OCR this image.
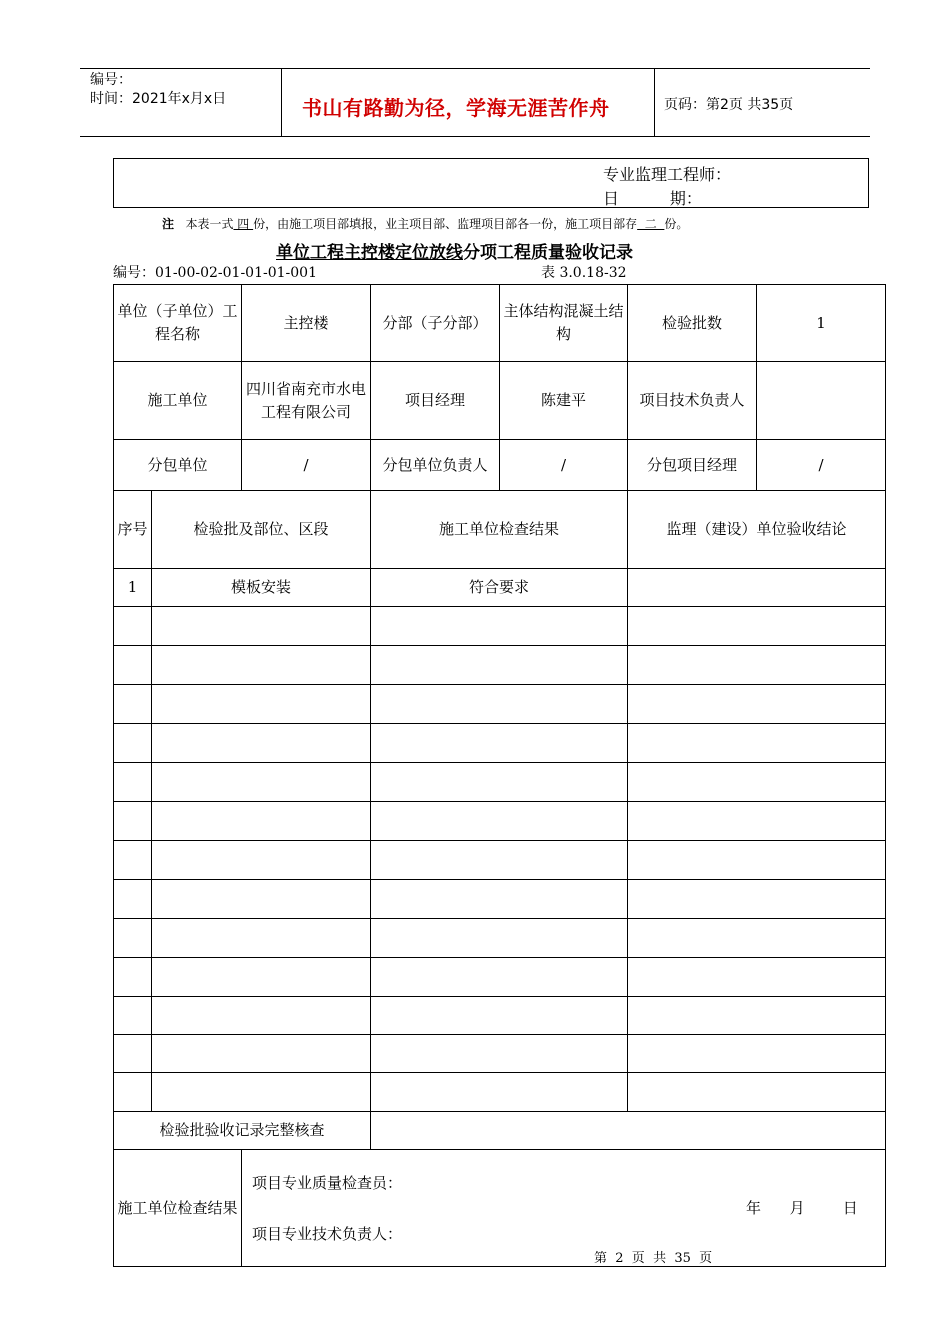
编号：
时间：2021年x月x日	书山有路勤为径，学海无涯苦作舟	页码：第2页 共35页
专业监理工程师：
日          期：
注 本表一式 四 份，由施工项目部填报，业主项目部、监理项目部各一份，施工项目部存  二  份。
单位工程主控楼定位放线分项工程质量验收记录
编号：01-00-02-01-01-01-001	表 3.0.18-32
单位（子单位）工程名称		主控楼	分部（子分部）	主体结构混凝土结构	检验批数	1
施工单位		四川省南充市水电工程有限公司	项目经理	陈建平	项目技术负责人	
分包单位		/	分包单位负责人	/	分包项目经理	/
序号	检验批及部位、区段		施工单位检查结果		监理（建设）单位验收结论	
1	模板安装		符合要求			

检验批验收记录完整核查						
施工单位检查结果		项目专业质量检查员：
项目专业技术负责人：
年      月        日				
第  2  页  共  35  页
